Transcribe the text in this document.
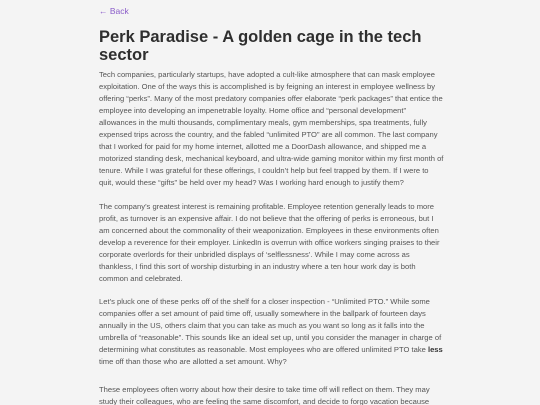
← Back
Perk Paradise - A golden cage in the tech sector

Tech companies, particularly startups, have adopted a cult-like atmosphere that can mask employee exploitation. One of the ways this is accomplished is by feigning an interest in employee wellness by offering “perks”. Many of the most predatory companies offer elaborate “perk packages” that entice the employee into developing an impenetrable loyalty. Home office and “personal development” allowances in the multi thousands, complimentary meals, gym memberships, spa treatments, fully expensed trips across the country, and the fabled “unlimited PTO” are all common. The last company that I worked for paid for my home internet, allotted me a DoorDash allowance, and shipped me a motorized standing desk, mechanical keyboard, and ultra-wide gaming monitor within my first month of tenure. While I was grateful for these offerings, I couldn’t help but feel trapped by them. If I were to quit, would these “gifts” be held over my head? Was I working hard enough to justify them?

The company’s greatest interest is remaining profitable. Employee retention generally leads to more profit, as turnover is an expensive affair. I do not believe that the offering of perks is erroneous, but I am concerned about the commonality of their weaponization. Employees in these environments often develop a reverence for their employer. LinkedIn is overrun with office workers singing praises to their corporate overlords for their unbridled displays of ‘selflessness’. While I may come across as thankless, I find this sort of worship disturbing in an industry where a ten hour work day is both common and celebrated.

Let’s pluck one of these perks off of the shelf for a closer inspection - “Unlimited PTO.” While some companies offer a set amount of paid time off, usually somewhere in the ballpark of fourteen days annually in the US, others claim that you can take as much as you want so long as it falls into the umbrella of “reasonable”. This sounds like an ideal set up, until you consider the manager in charge of determining what constitutes as reasonable. Most employees who are offered unlimited PTO take less time off than those who are allotted a set amount. Why?

These employees often worry about how their desire to take time off will reflect on them. They may study their colleagues, who are feeling the same discomfort, and decide to forgo vacation because
